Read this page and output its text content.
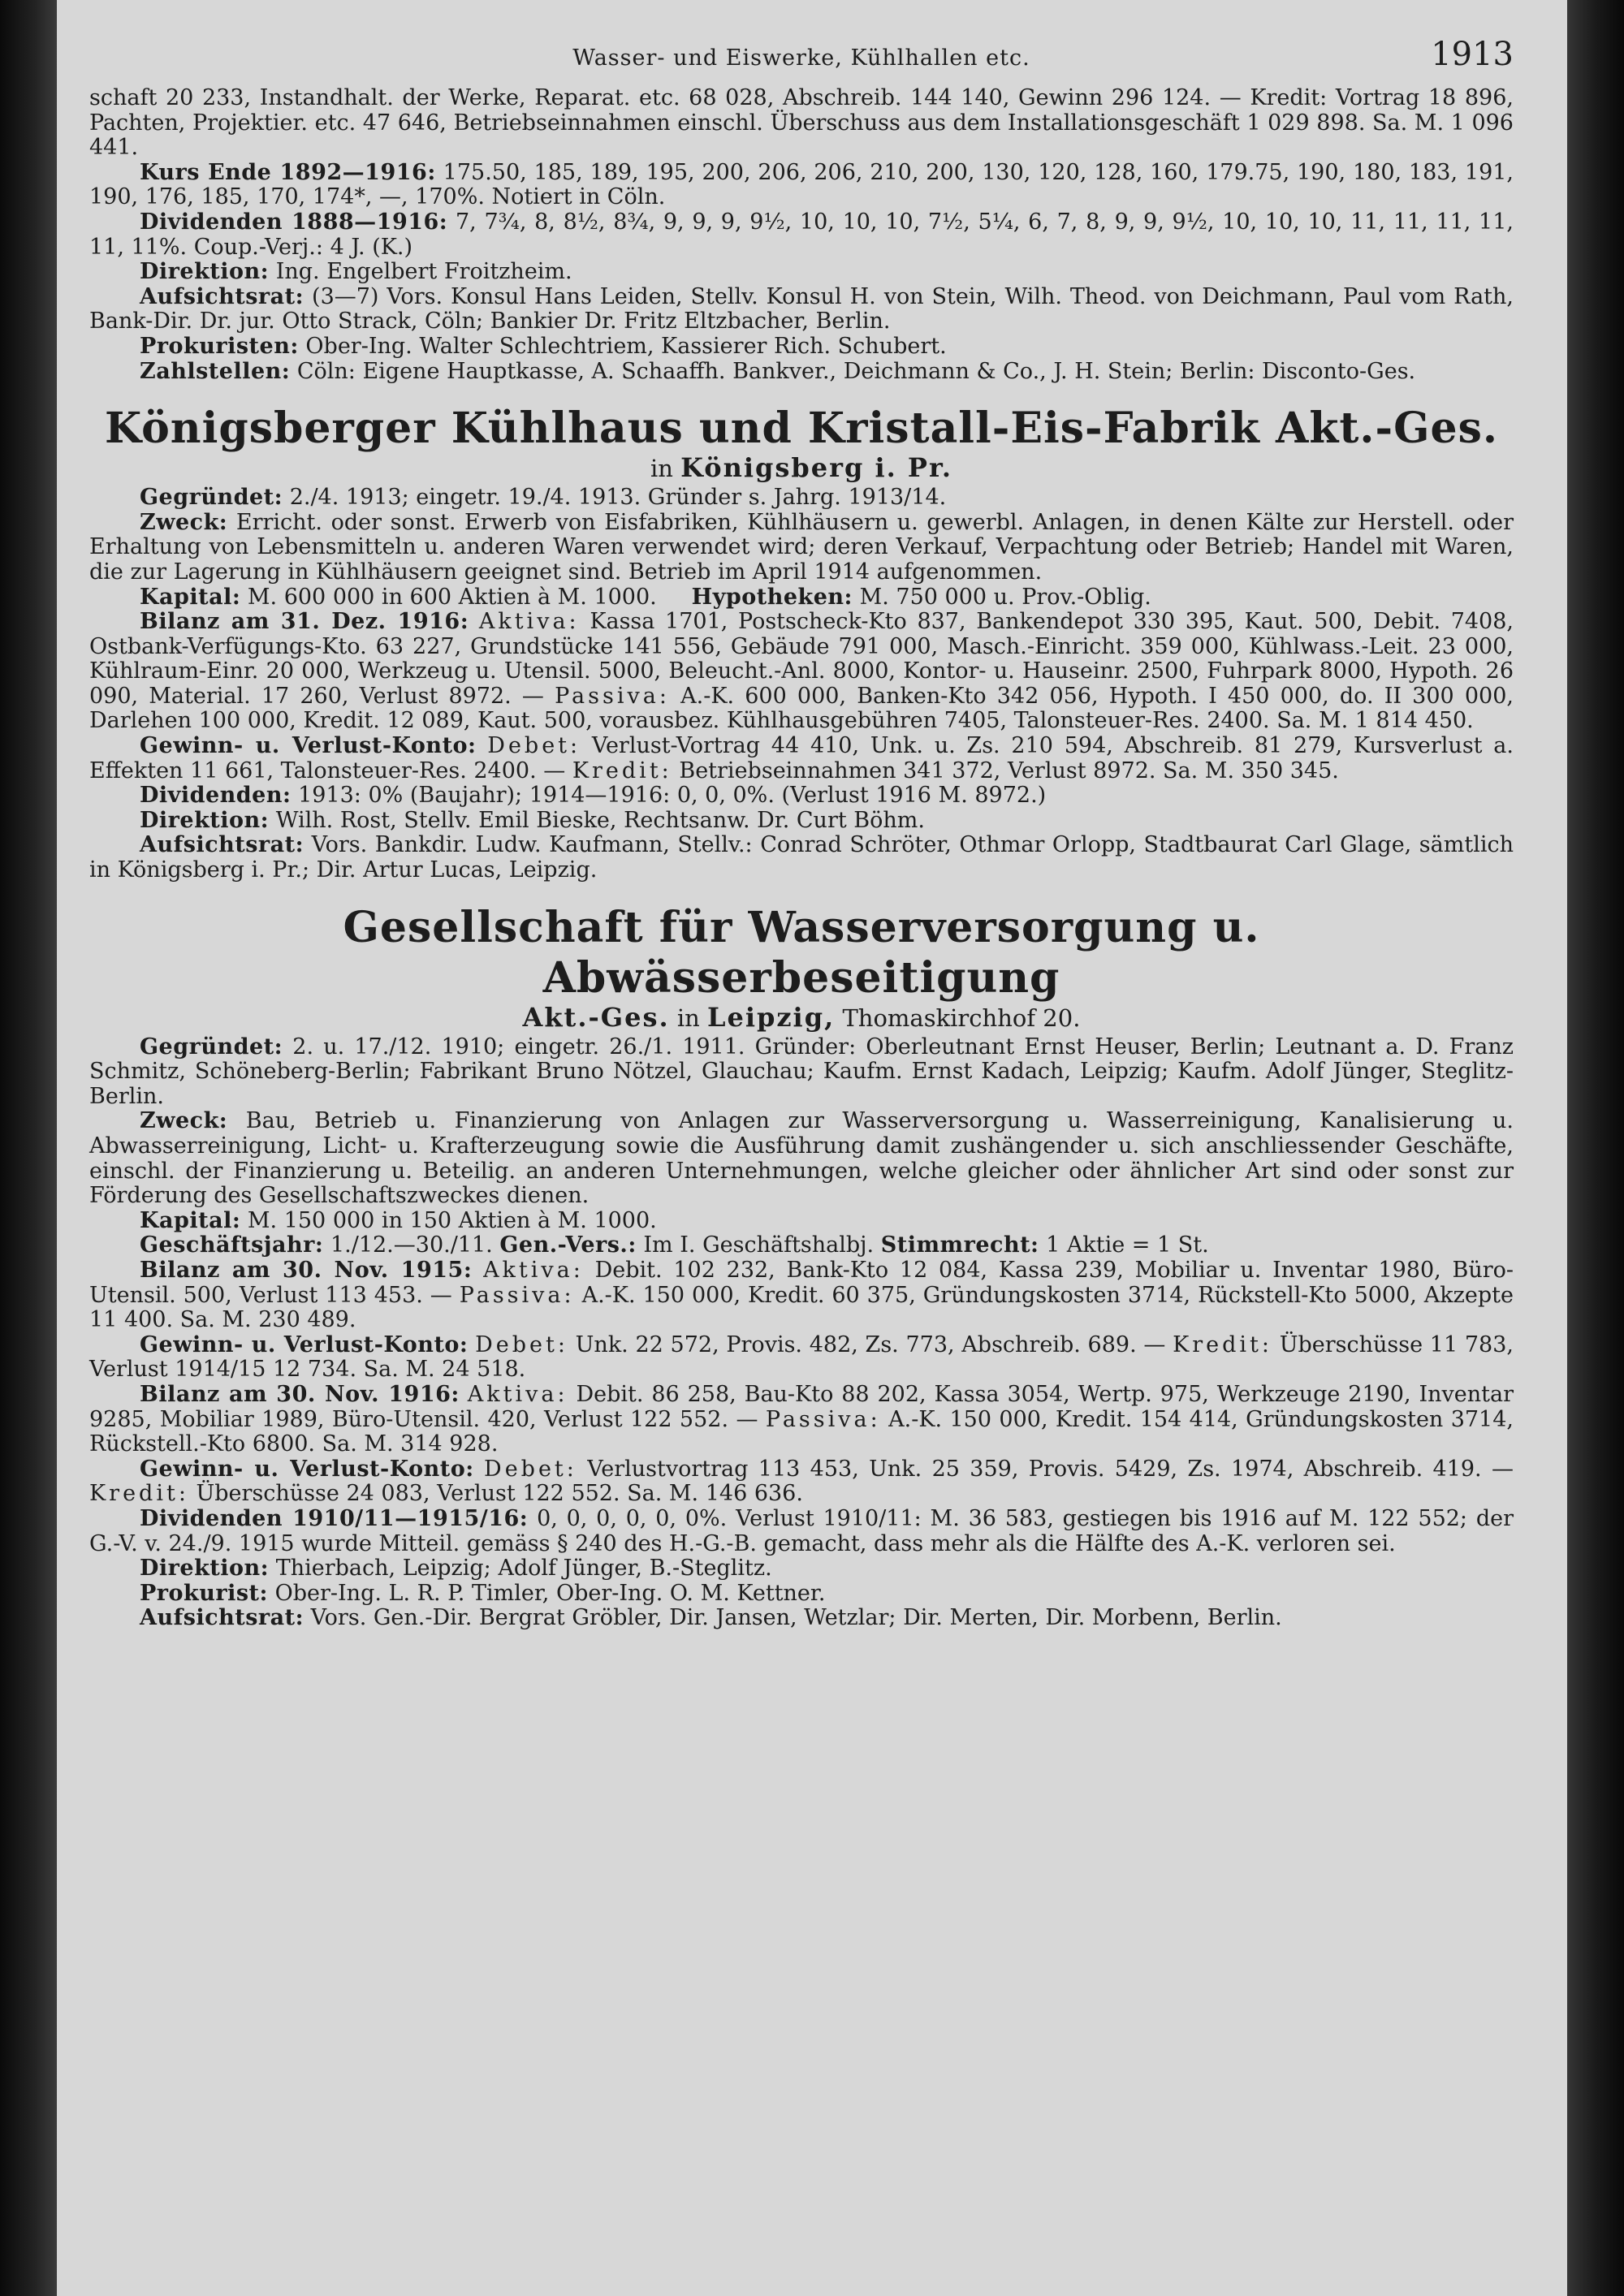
Wasser- und Eiswerke, Kühlhallen etc.	1913

schaft 20 233, Instandhalt. der Werke, Reparat. etc. 68 028, Abschreib. 144 140, Gewinn 296 124. — Kredit: Vortrag 18 896, Pachten, Projektier. etc. 47 646, Betriebseinnahmen einschl. Überschuss aus dem Installationsgeschäft 1 029 898. Sa. M. 1 096 441.

Kurs Ende 1892—1916: 175.50, 185, 189, 195, 200, 206, 206, 210, 200, 130, 120, 128, 160, 179.75, 190, 180, 183, 191, 190, 176, 185, 170, 174*, —, 170%. Notiert in Cöln.

Dividenden 1888—1916: 7, 7¾, 8, 8½, 8¾, 9, 9, 9, 9½, 10, 10, 10, 7½, 5¼, 6, 7, 8, 9, 9, 9½, 10, 10, 10, 11, 11, 11, 11, 11, 11%. Coup.-Verj.: 4 J. (K.)

Direktion: Ing. Engelbert Froitzheim.

Aufsichtsrat: (3—7) Vors. Konsul Hans Leiden, Stellv. Konsul H. von Stein, Wilh. Theod. von Deichmann, Paul vom Rath, Bank-Dir. Dr. jur. Otto Strack, Cöln; Bankier Dr. Fritz Eltzbacher, Berlin.

Prokuristen: Ober-Ing. Walter Schlechtriem, Kassierer Rich. Schubert.

Zahlstellen: Cöln: Eigene Hauptkasse, A. Schaaffh. Bankver., Deichmann & Co., J. H. Stein; Berlin: Disconto-Ges.

Königsberger Kühlhaus und Kristall-Eis-Fabrik Akt.-Ges.
in Königsberg i. Pr.

Gegründet: 2./4. 1913; eingetr. 19./4. 1913. Gründer s. Jahrg. 1913/14.

Zweck: Erricht. oder sonst. Erwerb von Eisfabriken, Kühlhäusern u. gewerbl. Anlagen, in denen Kälte zur Herstell. oder Erhaltung von Lebensmitteln u. anderen Waren verwendet wird; deren Verkauf, Verpachtung oder Betrieb; Handel mit Waren, die zur Lagerung in Kühlhäusern geeignet sind. Betrieb im April 1914 aufgenommen.

Kapital: M. 600 000 in 600 Aktien à M. 1000. Hypotheken: M. 750 000 u. Prov.-Oblig.

Bilanz am 31. Dez. 1916: Aktiva: Kassa 1701, Postscheck-Kto 837, Bankendepot 330 395, Kaut. 500, Debit. 7408, Ostbank-Verfügungs-Kto. 63 227, Grundstücke 141 556, Gebäude 791 000, Masch.-Einricht. 359 000, Kühlwass.-Leit. 23 000, Kühlraum-Einr. 20 000, Werkzeug u. Utensil. 5000, Beleucht.-Anl. 8000, Kontor- u. Hauseinr. 2500, Fuhrpark 8000, Hypoth. 26 090, Material. 17 260, Verlust 8972. — Passiva: A.-K. 600 000, Banken-Kto 342 056, Hypoth. I 450 000, do. II 300 000, Darlehen 100 000, Kredit. 12 089, Kaut. 500, vorausbez. Kühlhausgebühren 7405, Talonsteuer-Res. 2400. Sa. M. 1 814 450.

Gewinn- u. Verlust-Konto: Debet: Verlust-Vortrag 44 410, Unk. u. Zs. 210 594, Abschreib. 81 279, Kursverlust a. Effekten 11 661, Talonsteuer-Res. 2400. — Kredit: Betriebseinnahmen 341 372, Verlust 8972. Sa. M. 350 345.

Dividenden: 1913: 0% (Baujahr); 1914—1916: 0, 0, 0%. (Verlust 1916 M. 8972.)

Direktion: Wilh. Rost, Stellv. Emil Bieske, Rechtsanw. Dr. Curt Böhm.

Aufsichtsrat: Vors. Bankdir. Ludw. Kaufmann, Stellv.: Conrad Schröter, Othmar Orlopp, Stadtbaurat Carl Glage, sämtlich in Königsberg i. Pr.; Dir. Artur Lucas, Leipzig.

Gesellschaft für Wasserversorgung u. Abwässerbeseitigung
Akt.-Ges. in Leipzig, Thomaskirchhof 20.

Gegründet: 2. u. 17./12. 1910; eingetr. 26./1. 1911. Gründer: Oberleutnant Ernst Heuser, Berlin; Leutnant a. D. Franz Schmitz, Schöneberg-Berlin; Fabrikant Bruno Nötzel, Glauchau; Kaufm. Ernst Kadach, Leipzig; Kaufm. Adolf Jünger, Steglitz-Berlin.

Zweck: Bau, Betrieb u. Finanzierung von Anlagen zur Wasserversorgung u. Wasserreinigung, Kanalisierung u. Abwasserreinigung, Licht- u. Krafterzeugung sowie die Ausführung damit zushängender u. sich anschliessender Geschäfte, einschl. der Finanzierung u. Beteilig. an anderen Unternehmungen, welche gleicher oder ähnlicher Art sind oder sonst zur Förderung des Gesellschaftszweckes dienen.

Kapital: M. 150 000 in 150 Aktien à M. 1000.

Geschäftsjahr: 1./12.—30./11. Gen.-Vers.: Im I. Geschäftshalbj. Stimmrecht: 1 Aktie = 1 St.

Bilanz am 30. Nov. 1915: Aktiva: Debit. 102 232, Bank-Kto 12 084, Kassa 239, Mobiliar u. Inventar 1980, Büro-Utensil. 500, Verlust 113 453. — Passiva: A.-K. 150 000, Kredit. 60 375, Gründungskosten 3714, Rückstell-Kto 5000, Akzepte 11 400. Sa. M. 230 489.

Gewinn- u. Verlust-Konto: Debet: Unk. 22 572, Provis. 482, Zs. 773, Abschreib. 689. — Kredit: Überschüsse 11 783, Verlust 1914/15 12 734. Sa. M. 24 518.

Bilanz am 30. Nov. 1916: Aktiva: Debit. 86 258, Bau-Kto 88 202, Kassa 3054, Wertp. 975, Werkzeuge 2190, Inventar 9285, Mobiliar 1989, Büro-Utensil. 420, Verlust 122 552. — Passiva: A.-K. 150 000, Kredit. 154 414, Gründungskosten 3714, Rückstell.-Kto 6800. Sa. M. 314 928.

Gewinn- u. Verlust-Konto: Debet: Verlustvortrag 113 453, Unk. 25 359, Provis. 5429, Zs. 1974, Abschreib. 419. — Kredit: Überschüsse 24 083, Verlust 122 552. Sa. M. 146 636.

Dividenden 1910/11—1915/16: 0, 0, 0, 0, 0, 0%. Verlust 1910/11: M. 36 583, gestiegen bis 1916 auf M. 122 552; der G.-V. v. 24./9. 1915 wurde Mitteil. gemäss § 240 des H.-G.-B. gemacht, dass mehr als die Hälfte des A.-K. verloren sei.

Direktion: Thierbach, Leipzig; Adolf Jünger, B.-Steglitz.

Prokurist: Ober-Ing. L. R. P. Timler, Ober-Ing. O. M. Kettner.

Aufsichtsrat: Vors. Gen.-Dir. Bergrat Gröbler, Dir. Jansen, Wetzlar; Dir. Merten, Dir. Morbenn, Berlin.
